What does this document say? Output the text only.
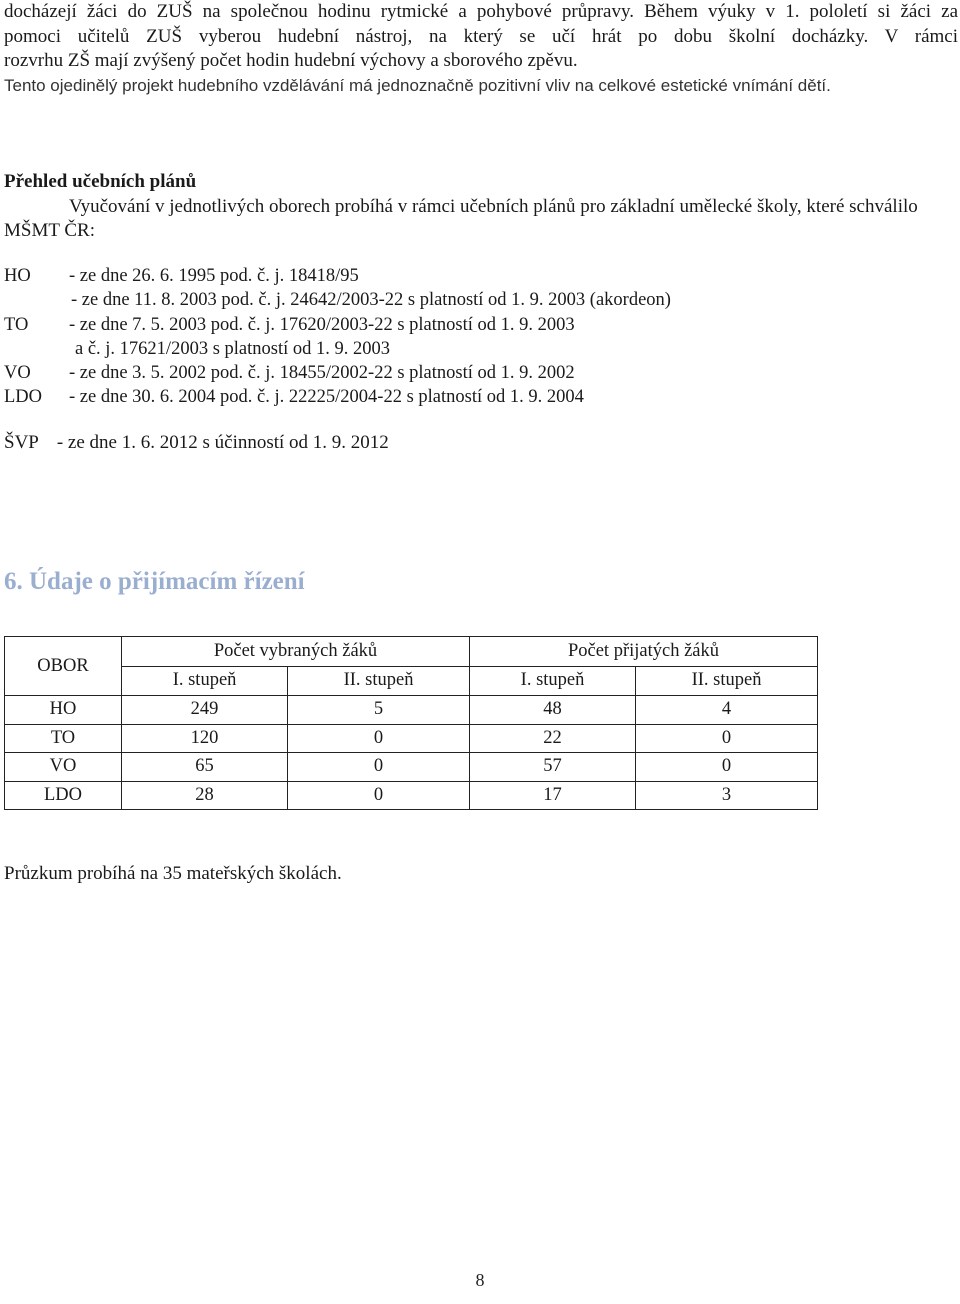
docházejí žáci do ZUŠ na společnou hodinu rytmické a pohybové průpravy. Během výuky v 1. pololetí si žáci za

pomoci učitelů ZUŠ vyberou hudební nástroj, na který se učí hrát po dobu školní docházky. V rámci

rozvrhu ZŠ mají zvýšený počet hodin hudební výchovy a sborového zpěvu.

Tento ojedinělý projekt hudebního vzdělávání má jednoznačně pozitivní vliv na celkové estetické vnímání dětí.

Přehled učebních plánů

Vyučování v jednotlivých oborech probíhá v rámci učebních plánů pro základní umělecké školy, které schválilo MŠMT ČR:

HO - ze dne 26. 6. 1995 pod. č. j. 18418/95
- ze dne 11. 8. 2003 pod. č. j. 24642/2003-22 s platností od 1. 9. 2003 (akordeon)
TO - ze dne 7. 5. 2003 pod. č. j. 17620/2003-22 s platností od 1. 9. 2003
a č. j. 17621/2003 s platností od 1. 9. 2003
VO - ze dne 3. 5. 2002 pod. č. j. 18455/2002-22 s platností od 1. 9. 2002
LDO - ze dne 30. 6. 2004 pod. č. j. 22225/2004-22 s platností od 1. 9. 2004
ŠVP - ze dne 1. 6. 2012 s účinností od 1. 9. 2012
6. Údaje o přijímacím řízení
OBOR	Počet vybraných žáků		Počet přijatých žáků	
	I. stupeň	II. stupeň	I. stupeň	II. stupeň
HO	249	5	48	4
TO	120	0	22	0
VO	65	0	57	0
LDO	28	0	17	3

Průzkum probíhá na 35 mateřských školách.

8
